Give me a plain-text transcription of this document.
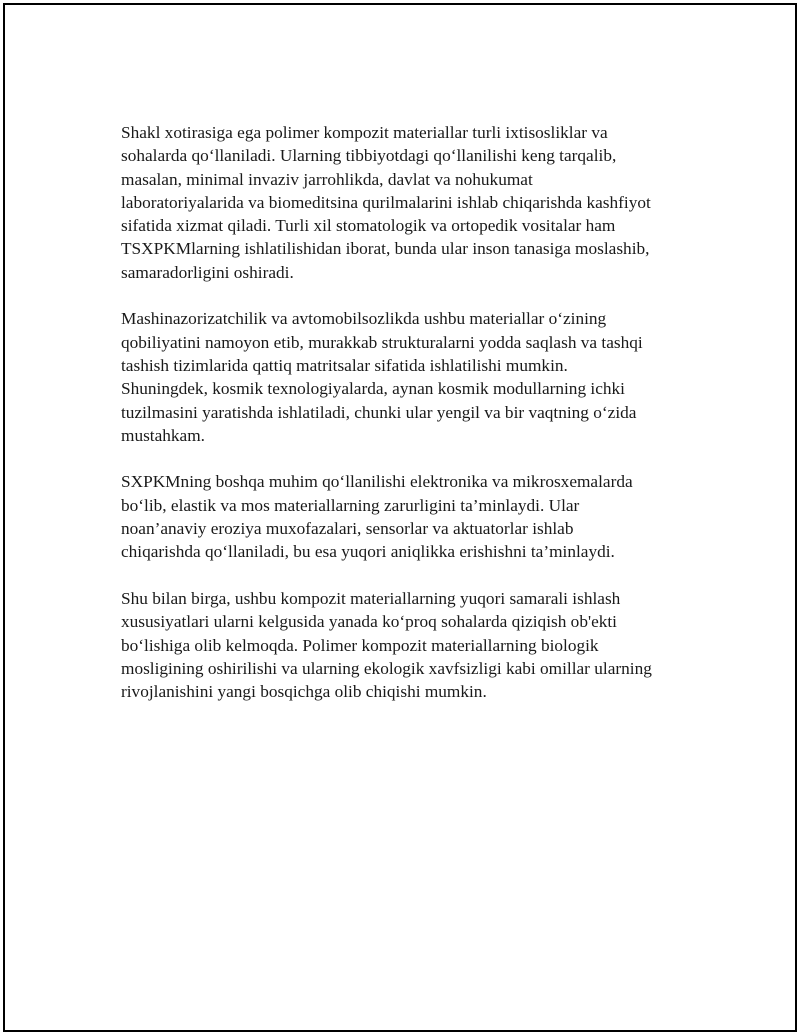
Shakl xotirasiga ega polimer kompozit materiallar turli ixtisosliklar va
sohalarda qo‘llaniladi. Ularning tibbiyotdagi qo‘llanilishi keng tarqalib,
masalan, minimal invaziv jarrohlikda, davlat va nohukumat
laboratoriyalarida va biomeditsina qurilmalarini ishlab chiqarishda kashfiyot
sifatida xizmat qiladi. Turli xil stomatologik va ortopedik vositalar ham
TSXPKMlarning ishlatilishidan iborat, bunda ular inson tanasiga moslashib,
samaradorligini oshiradi.

Mashinazorizatchilik va avtomobilsozlikda ushbu materiallar o‘zining
qobiliyatini namoyon etib, murakkab strukturalarni yodda saqlash va tashqi
tashish tizimlarida qattiq matritsalar sifatida ishlatilishi mumkin.
Shuningdek, kosmik texnologiyalarda, aynan kosmik modullarning ichki
tuzilmasini yaratishda ishlatiladi, chunki ular yengil va bir vaqtning o‘zida
mustahkam.

SXPKMning boshqa muhim qo‘llanilishi elektronika va mikrosxemalarda
bo‘lib, elastik va mos materiallarning zarurligini ta’minlaydi. Ular
noan’anaviy eroziya muxofazalari, sensorlar va aktuatorlar ishlab
chiqarishda qo‘llaniladi, bu esa yuqori aniqlikka erishishni ta’minlaydi.

Shu bilan birga, ushbu kompozit materiallarning yuqori samarali ishlash
xususiyatlari ularni kelgusida yanada ko‘proq sohalarda qiziqish ob'ekti
bo‘lishiga olib kelmoqda. Polimer kompozit materiallarning biologik
mosligining oshirilishi va ularning ekologik xavfsizligi kabi omillar ularning
rivojlanishini yangi bosqichga olib chiqishi mumkin.
